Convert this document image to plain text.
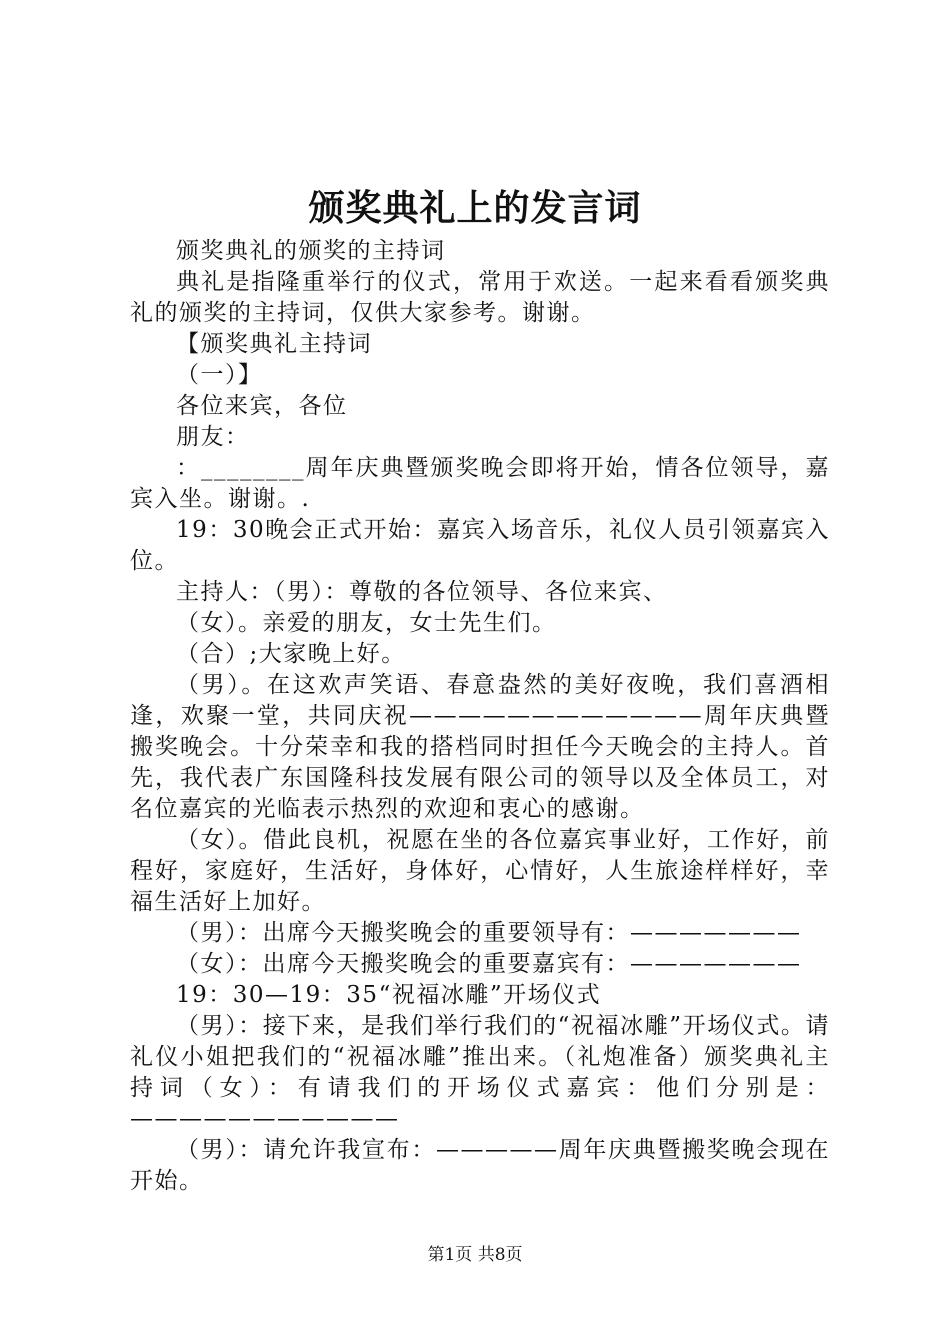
颁奖典礼上的发言词

颁奖典礼的颁奖的主持词

典礼是指隆重举行的仪式，常用于欢送。一起来看看颁奖典礼的颁奖的主持词，仅供大家参考。谢谢。

【颁奖典礼主持词

（一）】

各位来宾，各位

朋友：

：________周年庆典暨颁奖晚会即将开始，情各位领导，嘉宾入坐。谢谢。.

19：30晚会正式开始：嘉宾入场音乐，礼仪人员引领嘉宾入位。

主持人：（男）：尊敬的各位领导、各位来宾、

（女）。亲爱的朋友，女士先生们。

（合）;大家晚上好。

（男）。在这欢声笑语、春意盎然的美好夜晚，我们喜酒相逢，欢聚一堂，共同庆祝————————————周年庆典暨搬奖晚会。十分荣幸和我的搭档同时担任今天晚会的主持人。首先，我代表广东国隆科技发展有限公司的领导以及全体员工，对名位嘉宾的光临表示热烈的欢迎和衷心的感谢。

（女）。借此良机，祝愿在坐的各位嘉宾事业好，工作好，前程好，家庭好，生活好，身体好，心情好，人生旅途样样好，幸福生活好上加好。

（男）：出席今天搬奖晚会的重要领导有：———————

（女）：出席今天搬奖晚会的重要嘉宾有：———————

19：30—19：35“祝福冰雕”开场仪式

（男）：接下来，是我们举行我们的“祝福冰雕”开场仪式。请礼仪小姐把我们的“祝福冰雕”推出来。（礼炮准备）颁奖典礼主持词（女）：有请我们的开场仪式嘉宾：他们分别是：———————————

（男）：请允许我宣布：—————周年庆典暨搬奖晚会现在开始。

第1页 共8页
